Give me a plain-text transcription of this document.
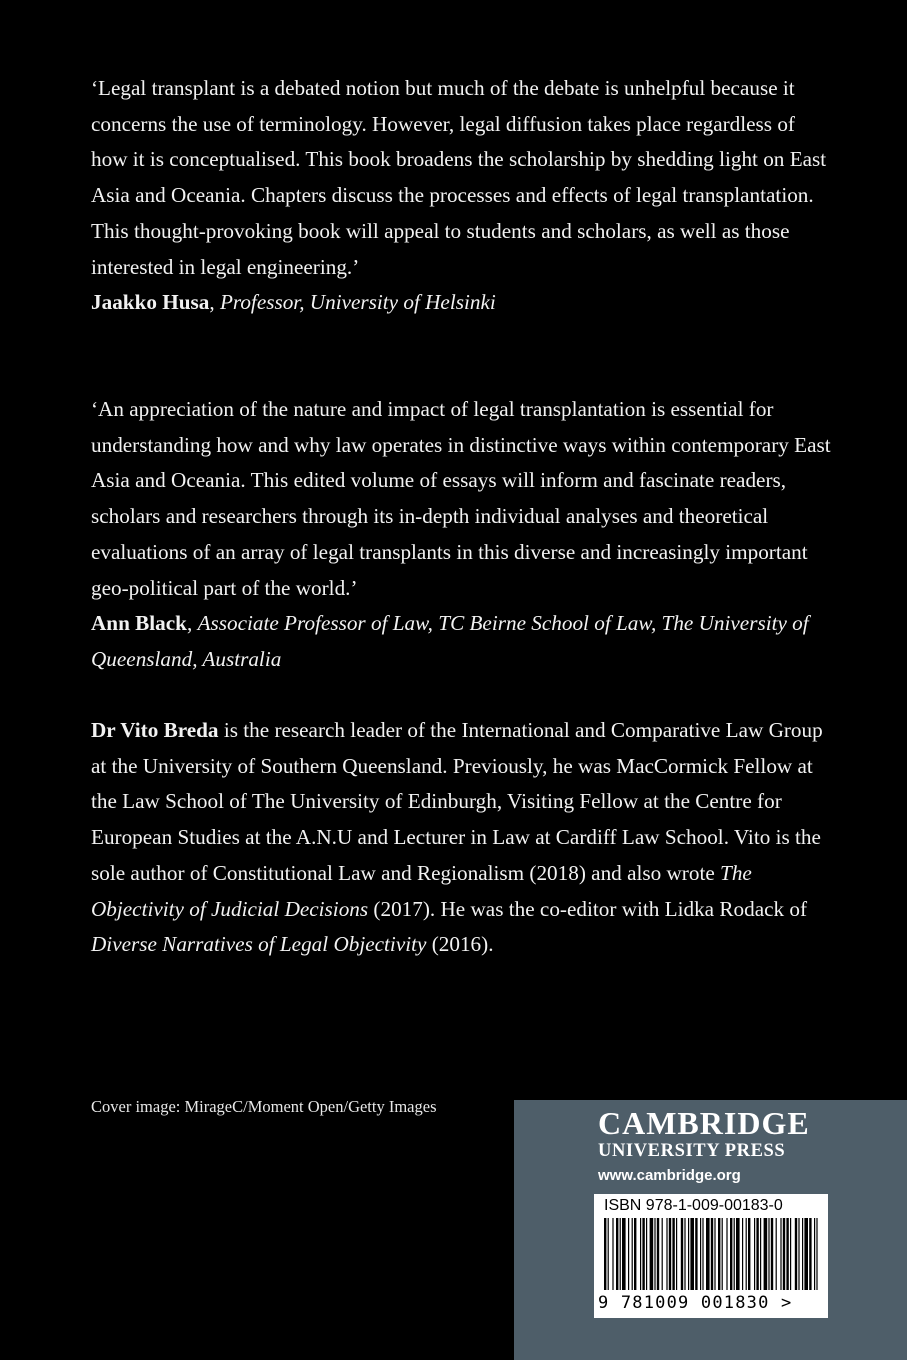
‘Legal transplant is a debated notion but much of the debate is unhelpful because it concerns the use of terminology. However, legal diffusion takes place regardless of how it is conceptualised. This book broadens the scholarship by shedding light on East Asia and Oceania. Chapters discuss the processes and effects of legal transplantation. This thought-provoking book will appeal to students and scholars, as well as those interested in legal engineering.’

Jaakko Husa, Professor, University of Helsinki

‘An appreciation of the nature and impact of legal transplantation is essential for understanding how and why law operates in distinctive ways within contemporary East Asia and Oceania. This edited volume of essays will inform and fascinate readers, scholars and researchers through its in-depth individual analyses and theoretical evaluations of an array of legal transplants in this diverse and increasingly important geo-political part of the world.’

Ann Black, Associate Professor of Law, TC Beirne School of Law, The University of Queensland, Australia

Dr Vito Breda is the research leader of the International and Comparative Law Group at the University of Southern Queensland. Previously, he was MacCormick Fellow at the Law School of The University of Edinburgh, Visiting Fellow at the Centre for European Studies at the A.N.U and Lecturer in Law at Cardiff Law School. Vito is the sole author of Constitutional Law and Regionalism (2018) and also wrote The Objectivity of Judicial Decisions (2017). He was the co-editor with Lidka Rodack of Diverse Narratives of Legal Objectivity (2016).

Cover image: MirageC/Moment Open/Getty Images	CAMBRIDGE
UNIVERSITY PRESS
www.cambridge.org
ISBN 978-1-009-00183-0
9 781009 001830 >
